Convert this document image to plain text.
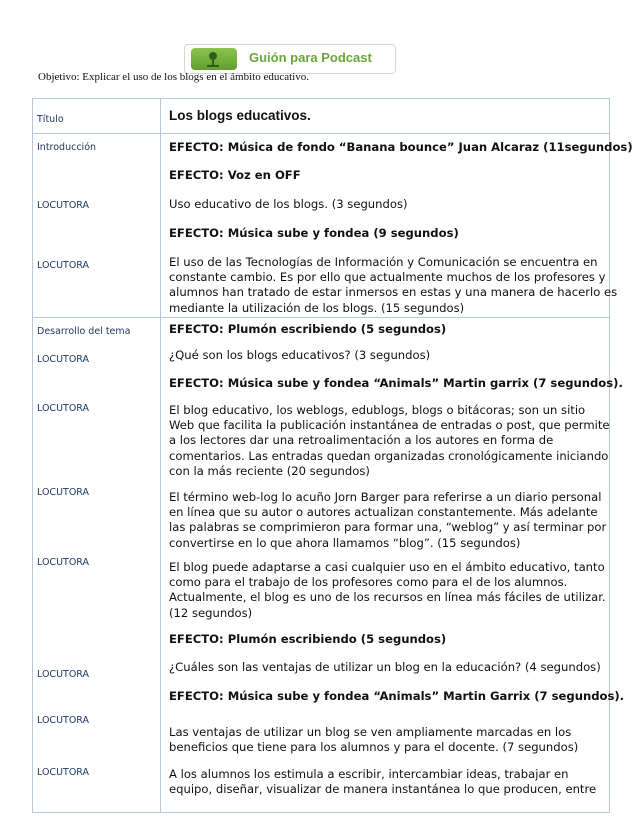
Guión para Podcast
Objetivo: Explicar el uso de los blogs en el ámbito educativo.
Título	Los blogs educativos.
Introducción
LOCUTORA
LOCUTORA

EFECTO: Música de fondo “Banana bounce” Juan Alcaraz (11segundos)

EFECTO: Voz en OFF

Uso educativo de los blogs. (3 segundos)

EFECTO: Música sube y fondea (9 segundos)

El uso de las Tecnologías de Información y Comunicación se encuentra en

constante cambio. Es por ello que actualmente muchos de los profesores y

alumnos han tratado de estar inmersos en estas y una manera de hacerlo es

mediante la utilización de los blogs. (15 segundos)

Desarrollo del tema
LOCUTORA
LOCUTORA
LOCUTORA
LOCUTORA
LOCUTORA
LOCUTORA
LOCUTORA

EFECTO: Plumón escribiendo (5 segundos)

¿Qué son los blogs educativos? (3 segundos)

EFECTO: Música sube y fondea “Animals” Martin garrix (7 segundos).

El blog educativo, los weblogs, edublogs, blogs o bitácoras; son un sitio

Web que facilita la publicación instantánea de entradas o post, que permite

a los lectores dar una retroalimentación a los autores en forma de

comentarios. Las entradas quedan organizadas cronológicamente iniciando

con la más reciente (20 segundos)

El término web-log lo acuño Jorn Barger para referirse a un diario personal

en línea que su autor o autores actualizan constantemente. Más adelante

las palabras se comprimieron para formar una, “weblog” y así terminar por

convertirse en lo que ahora llamamos “blog”. (15 segundos)

El blog puede adaptarse a casi cualquier uso en el ámbito educativo, tanto

como para el trabajo de los profesores como para el de los alumnos.

Actualmente, el blog es uno de los recursos en línea más fáciles de utilizar.

(12 segundos)

EFECTO: Plumón escribiendo (5 segundos)

¿Cuáles son las ventajas de utilizar un blog en la educación? (4 segundos)

EFECTO: Música sube y fondea “Animals” Martin Garrix (7 segundos).

Las ventajas de utilizar un blog se ven ampliamente marcadas en los

beneficios que tiene para los alumnos y para el docente. (7 segundos)

A los alumnos los estimula a escribir, intercambiar ideas, trabajar en

equipo, diseñar, visualizar de manera instantánea lo que producen, entre
